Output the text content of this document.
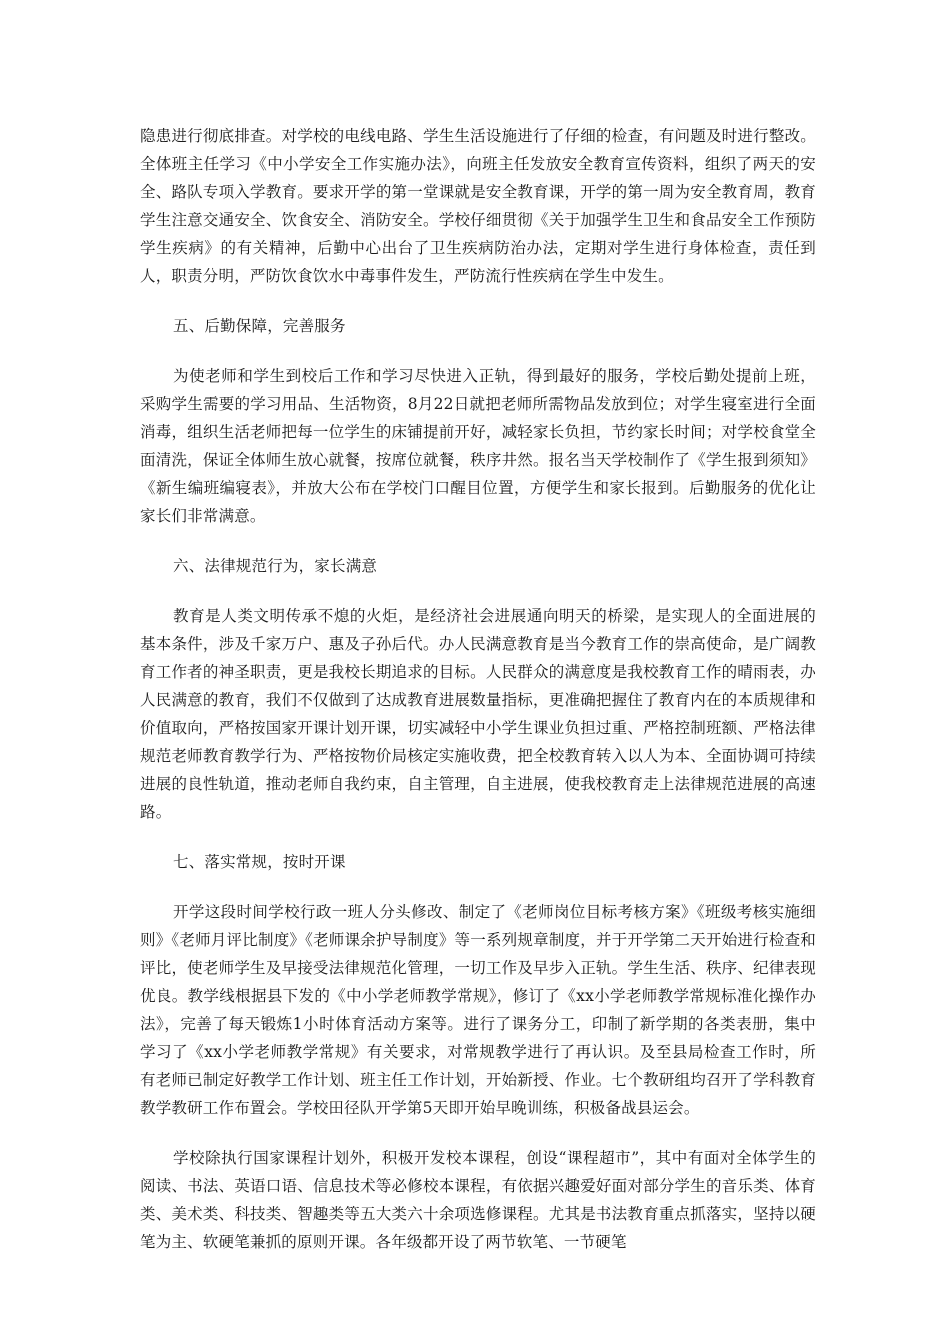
隐患进行彻底排查。对学校的电线电路、学生生活设施进行了仔细的检查，有问题及时进行整改。全体班主任学习《中小学安全工作实施办法》，向班主任发放安全教育宣传资料，组织了两天的安全、路队专项入学教育。要求开学的第一堂课就是安全教育课，开学的第一周为安全教育周，教育学生注意交通安全、饮食安全、消防安全。学校仔细贯彻《关于加强学生卫生和食品安全工作预防学生疾病》的有关精神，后勤中心出台了卫生疾病防治办法，定期对学生进行身体检查，责任到人，职责分明，严防饮食饮水中毒事件发生，严防流行性疾病在学生中发生。

五、后勤保障，完善服务

为使老师和学生到校后工作和学习尽快进入正轨，得到最好的服务，学校后勤处提前上班，采购学生需要的学习用品、生活物资，8月22日就把老师所需物品发放到位；对学生寝室进行全面消毒，组织生活老师把每一位学生的床铺提前开好，减轻家长负担，节约家长时间；对学校食堂全面清洗，保证全体师生放心就餐，按席位就餐，秩序井然。报名当天学校制作了《学生报到须知》《新生编班编寝表》，并放大公布在学校门口醒目位置，方便学生和家长报到。后勤服务的优化让家长们非常满意。

六、法律规范行为，家长满意

教育是人类文明传承不熄的火炬，是经济社会进展通向明天的桥梁，是实现人的全面进展的基本条件，涉及千家万户、惠及子孙后代。办人民满意教育是当今教育工作的崇高使命，是广阔教育工作者的神圣职责，更是我校长期追求的目标。人民群众的满意度是我校教育工作的晴雨表，办人民满意的教育，我们不仅做到了达成教育进展数量指标，更准确把握住了教育内在的本质规律和价值取向，严格按国家开课计划开课，切实减轻中小学生课业负担过重、严格控制班额、严格法律规范老师教育教学行为、严格按物价局核定实施收费，把全校教育转入以人为本、全面协调可持续进展的良性轨道，推动老师自我约束，自主管理，自主进展，使我校教育走上法律规范进展的高速路。

七、落实常规，按时开课

开学这段时间学校行政一班人分头修改、制定了《老师岗位目标考核方案》《班级考核实施细则》《老师月评比制度》《老师课余护导制度》等一系列规章制度，并于开学第二天开始进行检查和评比，使老师学生及早接受法律规范化管理，一切工作及早步入正轨。学生生活、秩序、纪律表现优良。教学线根据县下发的《中小学老师教学常规》，修订了《xx小学老师教学常规标准化操作办法》，完善了每天锻炼1小时体育活动方案等。进行了课务分工，印制了新学期的各类表册，集中学习了《xx小学老师教学常规》有关要求，对常规教学进行了再认识。及至县局检查工作时，所有老师已制定好教学工作计划、班主任工作计划，开始新授、作业。七个教研组均召开了学科教育教学教研工作布置会。学校田径队开学第5天即开始早晚训练，积极备战县运会。

学校除执行国家课程计划外，积极开发校本课程，创设“课程超市”，其中有面对全体学生的阅读、书法、英语口语、信息技术等必修校本课程，有依据兴趣爱好面对部分学生的音乐类、体育类、美术类、科技类、智趣类等五大类六十余项选修课程。尤其是书法教育重点抓落实，坚持以硬笔为主、软硬笔兼抓的原则开课。各年级都开设了两节软笔、一节硬笔
